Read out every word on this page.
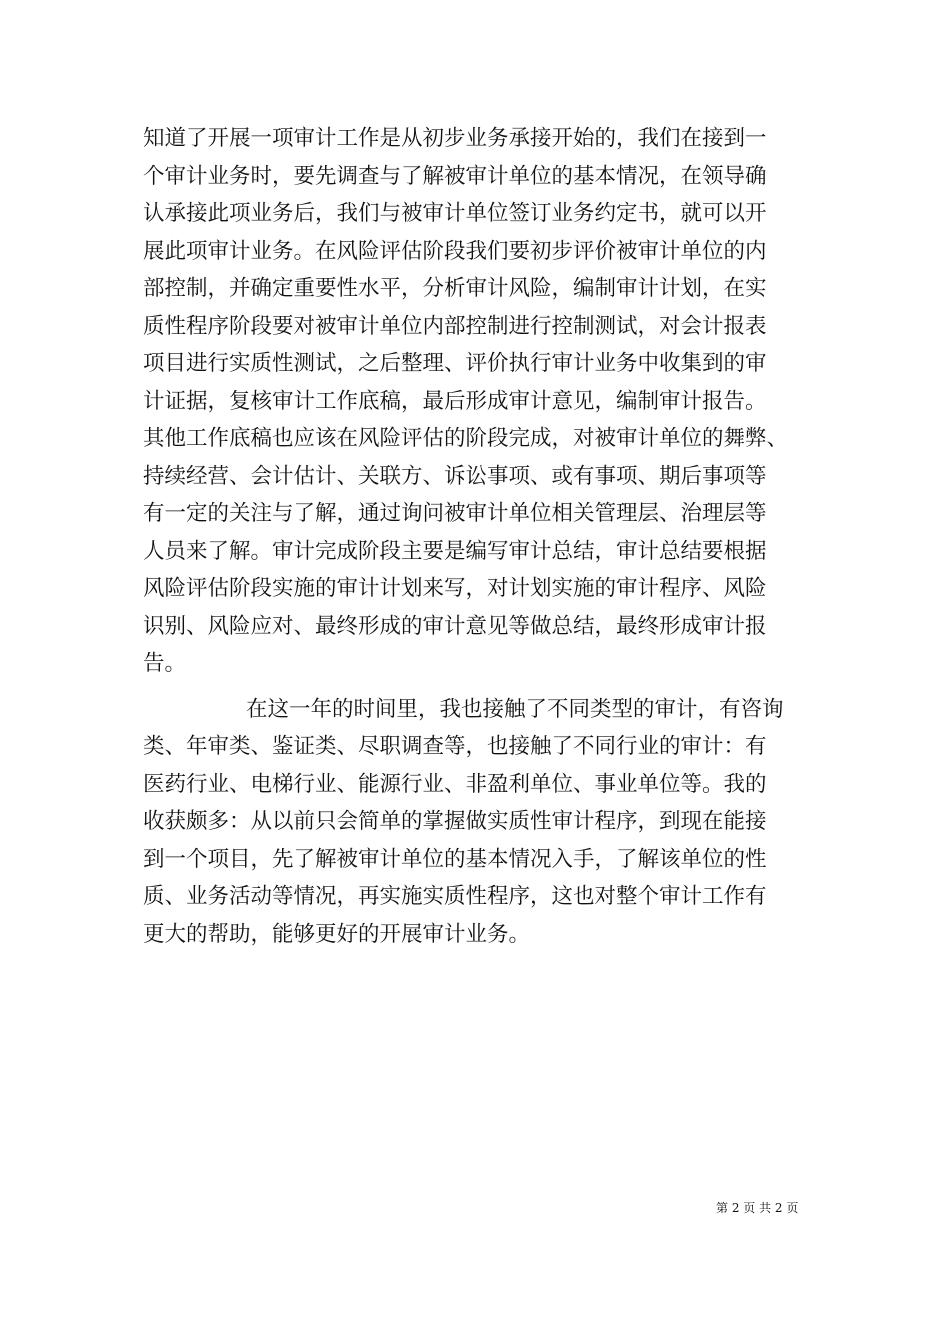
知道了开展一项审计工作是从初步业务承接开始的，我们在接到一
个审计业务时，要先调查与了解被审计单位的基本情况，在领导确
认承接此项业务后，我们与被审计单位签订业务约定书，就可以开
展此项审计业务。在风险评估阶段我们要初步评价被审计单位的内
部控制，并确定重要性水平，分析审计风险，编制审计计划，在实
质性程序阶段要对被审计单位内部控制进行控制测试，对会计报表
项目进行实质性测试，之后整理、评价执行审计业务中收集到的审
计证据，复核审计工作底稿，最后形成审计意见，编制审计报告。
其他工作底稿也应该在风险评估的阶段完成，对被审计单位的舞弊、
持续经营、会计估计、关联方、诉讼事项、或有事项、期后事项等
有一定的关注与了解，通过询问被审计单位相关管理层、治理层等
人员来了解。审计完成阶段主要是编写审计总结，审计总结要根据
风险评估阶段实施的审计计划来写，对计划实施的审计程序、风险
识别、风险应对、最终形成的审计意见等做总结，最终形成审计报
告。
在这一年的时间里，我也接触了不同类型的审计，有咨询
类、年审类、鉴证类、尽职调查等，也接触了不同行业的审计：有
医药行业、电梯行业、能源行业、非盈利单位、事业单位等。我的
收获颇多：从以前只会简单的掌握做实质性审计程序，到现在能接
到一个项目，先了解被审计单位的基本情况入手，了解该单位的性
质、业务活动等情况，再实施实质性程序，这也对整个审计工作有
更大的帮助，能够更好的开展审计业务。
第 2 页 共 2 页
